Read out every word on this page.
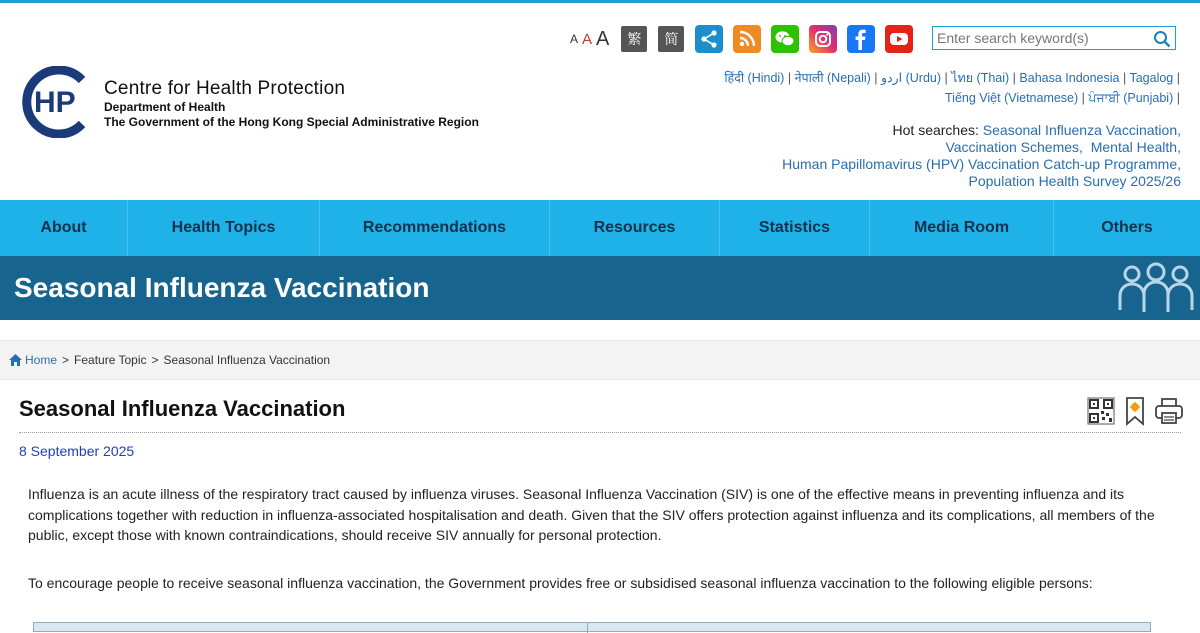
HP Centre for Health Protection
Department of Health
The Government of the Hong Kong Special Administrative Region
A A A	繁	简
Enter search keyword(s)
हिंदी (Hindi) | नेपाली (Nepali) | اردو (Urdu) | ไทย (Thai) | Bahasa Indonesia | Tagalog |
Tiếng Việt (Vietnamese) | ਪੰਜਾਬੀ (Punjabi) |
Hot searches: Seasonal Influenza Vaccination,
Vaccination Schemes, Mental Health,
Human Papillomavirus (HPV) Vaccination Catch-up Programme,
Population Health Survey 2025/26
About	Health Topics	Recommendations	Resources	Statistics	Media Room	Others
Seasonal Influenza Vaccination
Home > Feature Topic > Seasonal Influenza Vaccination
Seasonal Influenza Vaccination
8 September 2025
Influenza is an acute illness of the respiratory tract caused by influenza viruses. Seasonal Influenza Vaccination (SIV) is one of the effective means in preventing influenza and its complications together with reduction in influenza-associated hospitalisation and death. Given that the SIV offers protection against influenza and its complications, all members of the public, except those with known contraindications, should receive SIV annually for personal protection.
To encourage people to receive seasonal influenza vaccination, the Government provides free or subsidised seasonal influenza vaccination to the following eligible persons:
